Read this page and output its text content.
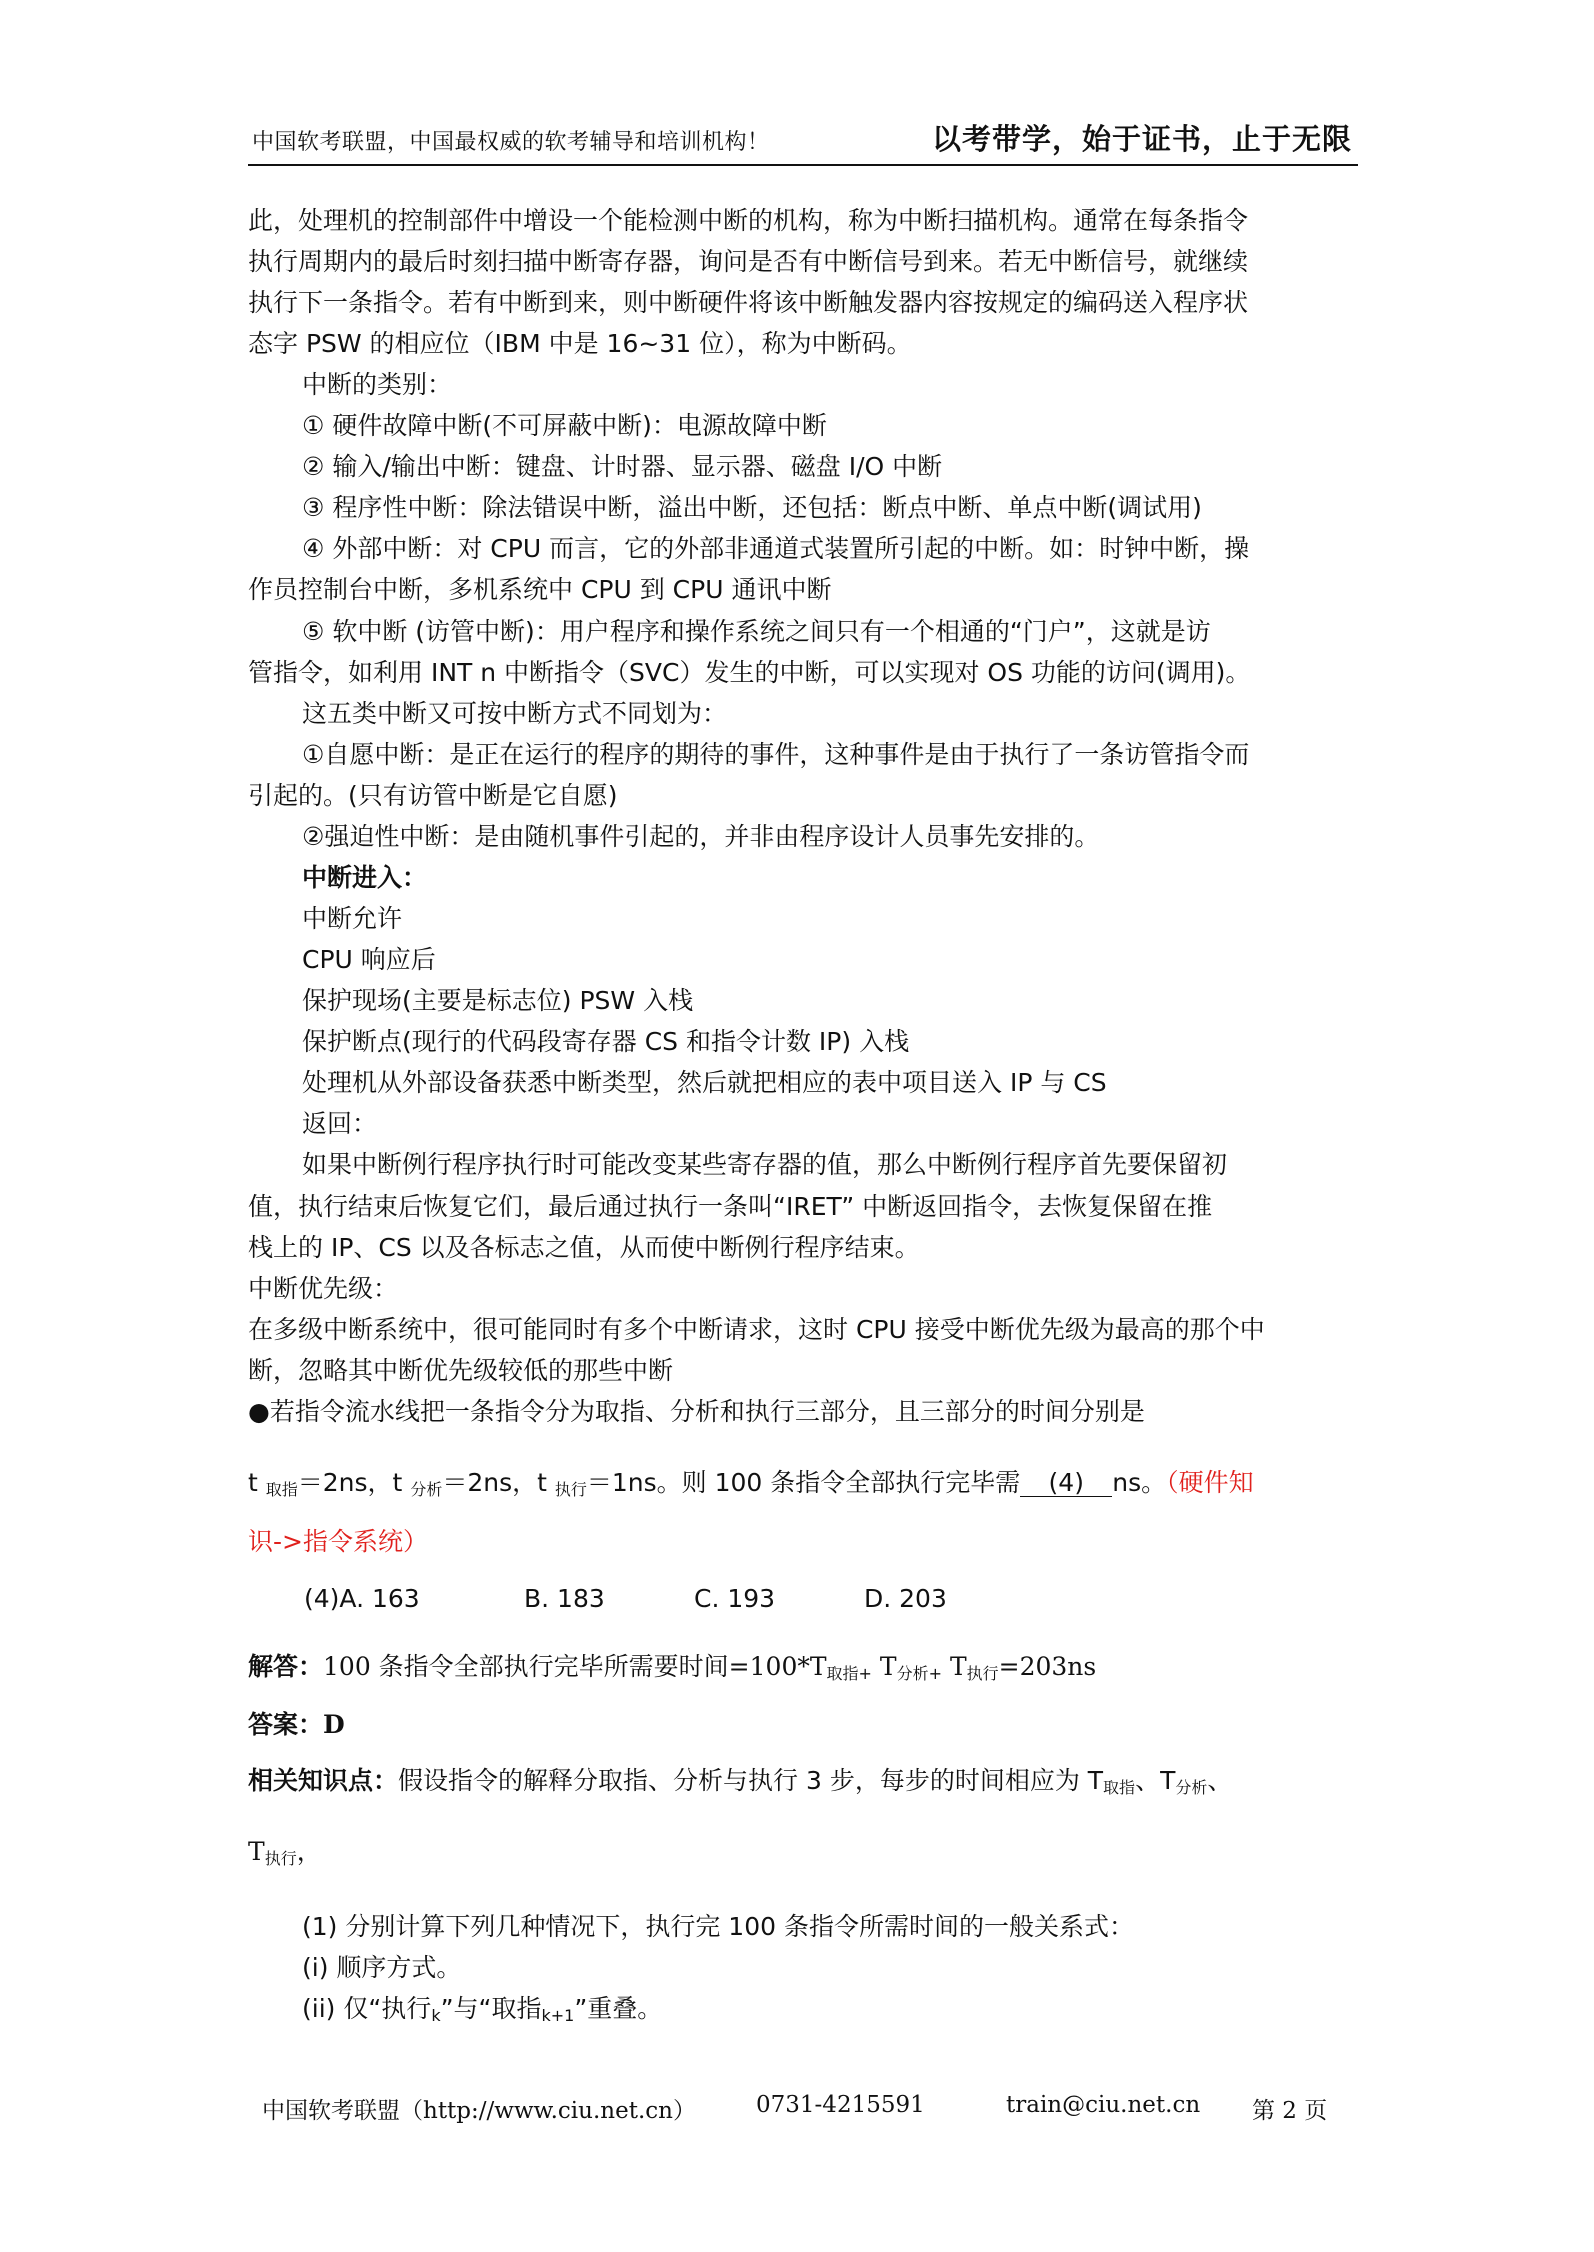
中国软考联盟，中国最权威的软考辅导和培训机构！	以考带学，始于证书，止于无限
此，处理机的控制部件中增设一个能检测中断的机构，称为中断扫描机构。通常在每条指令
执行周期内的最后时刻扫描中断寄存器，询问是否有中断信号到来。若无中断信号，就继续
执行下一条指令。若有中断到来，则中断硬件将该中断触发器内容按规定的编码送入程序状
态字 PSW 的相应位（IBM 中是 16~31 位），称为中断码。
中断的类别：
① 硬件故障中断(不可屏蔽中断)：电源故障中断
② 输入/输出中断：键盘、计时器、显示器、磁盘 I/O 中断
③ 程序性中断：除法错误中断，溢出中断，还包括：断点中断、单点中断(调试用)
④ 外部中断：对 CPU 而言，它的外部非通道式装置所引起的中断。如：时钟中断，操
作员控制台中断，多机系统中 CPU 到 CPU 通讯中断
⑤ 软中断 (访管中断)：用户程序和操作系统之间只有一个相通的“门户”，这就是访
管指令，如利用 INT n 中断指令（SVC）发生的中断，可以实现对 OS 功能的访问(调用)。
这五类中断又可按中断方式不同划为：
①自愿中断：是正在运行的程序的期待的事件，这种事件是由于执行了一条访管指令而
引起的。(只有访管中断是它自愿)
②强迫性中断：是由随机事件引起的，并非由程序设计人员事先安排的。
中断进入：
中断允许
CPU 响应后
保护现场(主要是标志位) PSW 入栈
保护断点(现行的代码段寄存器 CS 和指令计数 IP) 入栈
处理机从外部设备获悉中断类型，然后就把相应的表中项目送入 IP 与 CS
返回：
如果中断例行程序执行时可能改变某些寄存器的值，那么中断例行程序首先要保留初
值，执行结束后恢复它们，最后通过执行一条叫“IRET” 中断返回指令，去恢复保留在推
栈上的 IP、CS 以及各标志之值，从而使中断例行程序结束。
中断优先级：
在多级中断系统中，很可能同时有多个中断请求，这时 CPU 接受中断优先级为最高的那个中
断，忽略其中断优先级较低的那些中断
●若指令流水线把一条指令分为取指、分析和执行三部分，且三部分的时间分别是
t $_{取指}$＝2ns，t $_{分析}$＝2ns，t $_{执行}$＝1ns。则 100 条指令全部执行完毕需 (4) ns。（硬件知
识->指令系统）
(4)A. 163	B. 183	C. 193	D. 203
解答：100 条指令全部执行完毕所需要时间$=100*T_{取指+}$ $T_{分析+}$ $T_{执行}=203ns$
答案：D
相关知识点：假设指令的解释分取指、分析与执行 3 步，每步的时间相应为 $T_{取指}$、$T_{分析}$、
$T_{执行}$，
(1) 分别计算下列几种情况下，执行完 100 条指令所需时间的一般关系式：
(i) 顺序方式。
(ii) 仅“执行$_k$”与“取指$_{k+1}$”重叠。
中国软考联盟（http://www.ciu.net.cn）	0731-4215591	train@ciu.net.cn 第 2 页
